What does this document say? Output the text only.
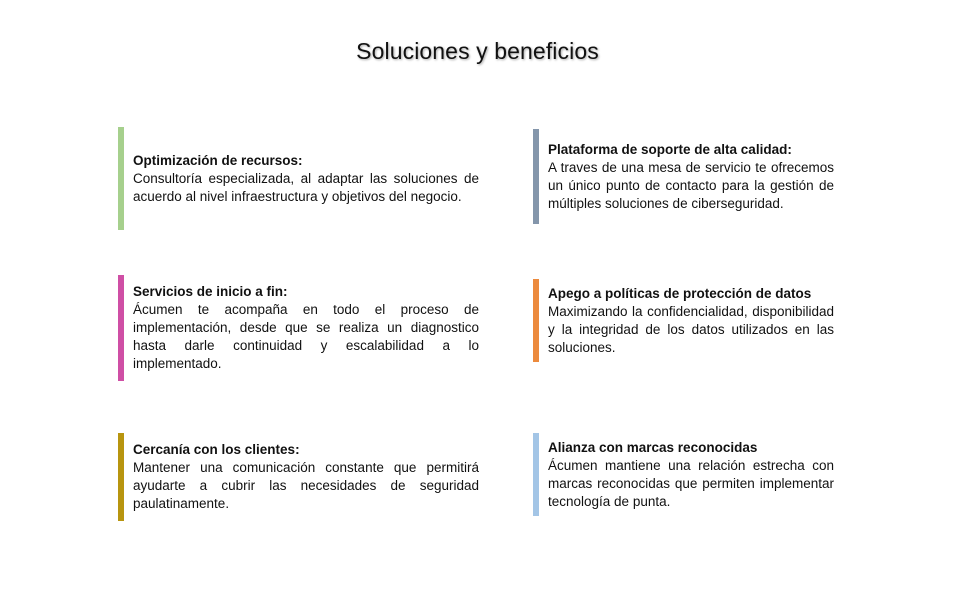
Soluciones y beneficios
Optimización de recursos:
Consultoría especializada, al adaptar las soluciones de acuerdo al nivel infraestructura y objetivos del negocio.
Plataforma de soporte de alta calidad:
A traves de una mesa de servicio te ofrecemos un único punto de contacto para la gestión de múltiples soluciones de ciberseguridad.
Servicios de inicio a fin:
Ácumen te acompaña en todo el proceso de implementación, desde que se realiza un diagnostico hasta darle continuidad y escalabilidad a lo implementado.
Apego a políticas de protección de datos
Maximizando la confidencialidad, disponibilidad y la integridad de los datos utilizados en las soluciones.
Cercanía con los clientes:
Mantener una comunicación constante que permitirá ayudarte a cubrir las necesidades de seguridad paulatinamente.
Alianza con marcas reconocidas
Ácumen mantiene una relación estrecha con marcas reconocidas que permiten implementar tecnología de punta.
